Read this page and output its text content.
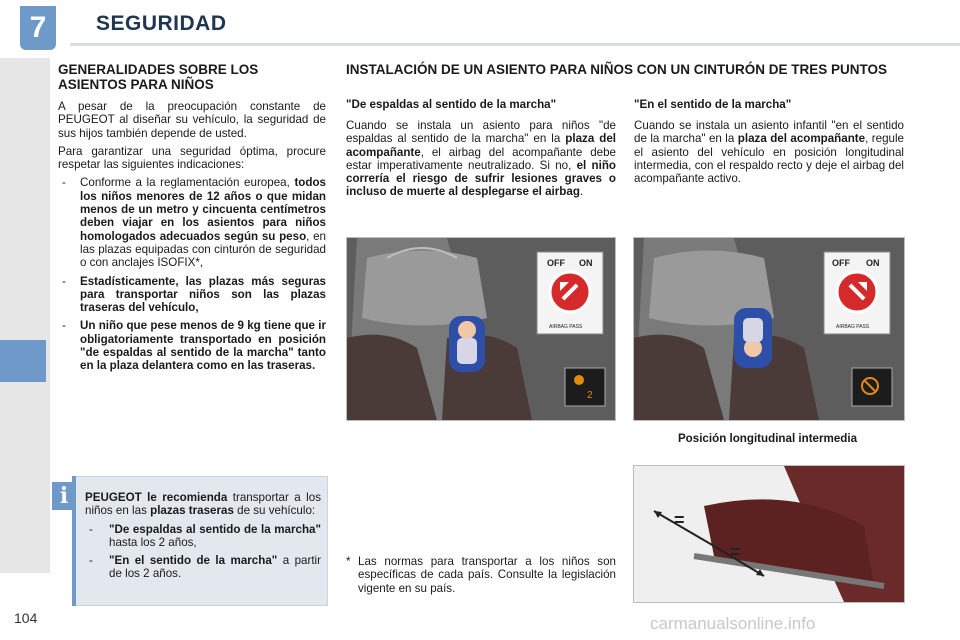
7	SEGURIDAD
GENERALIDADES SOBRE LOS ASIENTOS PARA NIÑOS

A pesar de la preocupación constante de PEUGEOT al diseñar su vehículo, la seguridad de sus hijos también depende de usted.

Para garantizar una seguridad óptima, procure respetar las siguientes indicaciones:

- Conforme a la reglamentación europea, todos los niños menores de 12 años o que midan menos de un metro y cincuenta centímetros deben viajar en los asientos para niños homologados adecuados según su peso, en las plazas equipadas con cinturón de seguridad o con anclajes ISOFIX*,
- Estadísticamente, las plazas más seguras para transportar niños son las plazas traseras del vehículo,
- Un niño que pese menos de 9 kg tiene que ir obligatoriamente transportado en posición "de espaldas al sentido de la marcha" tanto en la plaza delantera como en las traseras.

PEUGEOT le recomienda transportar a los niños en las plazas traseras de su vehículo:

- "De espaldas al sentido de la marcha" hasta los 2 años,
- "En el sentido de la marcha" a partir de los 2 años.
i
INSTALACIÓN DE UN ASIENTO PARA NIÑOS CON UN CINTURÓN DE TRES PUNTOS
"De espaldas al sentido de la marcha"

Cuando se instala un asiento para niños "de espaldas al sentido de la marcha" en la plaza del acompañante, el airbag del acompañante debe estar imperativamente neutralizado. Si no, el niño correría el riesgo de sufrir lesiones graves o incluso de muerte al desplegarse el airbag.

"En el sentido de la marcha"

Cuando se instala un asiento infantil "en el sentido de la marcha" en la plaza del acompañante, regule el asiento del vehículo en posición longitudinal intermedia, con el respaldo recto y deje el airbag del acompañante activo.

OFF ON
AIRBAG PASS
2
OFF ON
AIRBAG PASS
Posición longitudinal intermedia
=
=

* Las normas para transportar a los niños son específicas de cada país. Consulte la legislación vigente en su país.

104	carmanualsonline.info
